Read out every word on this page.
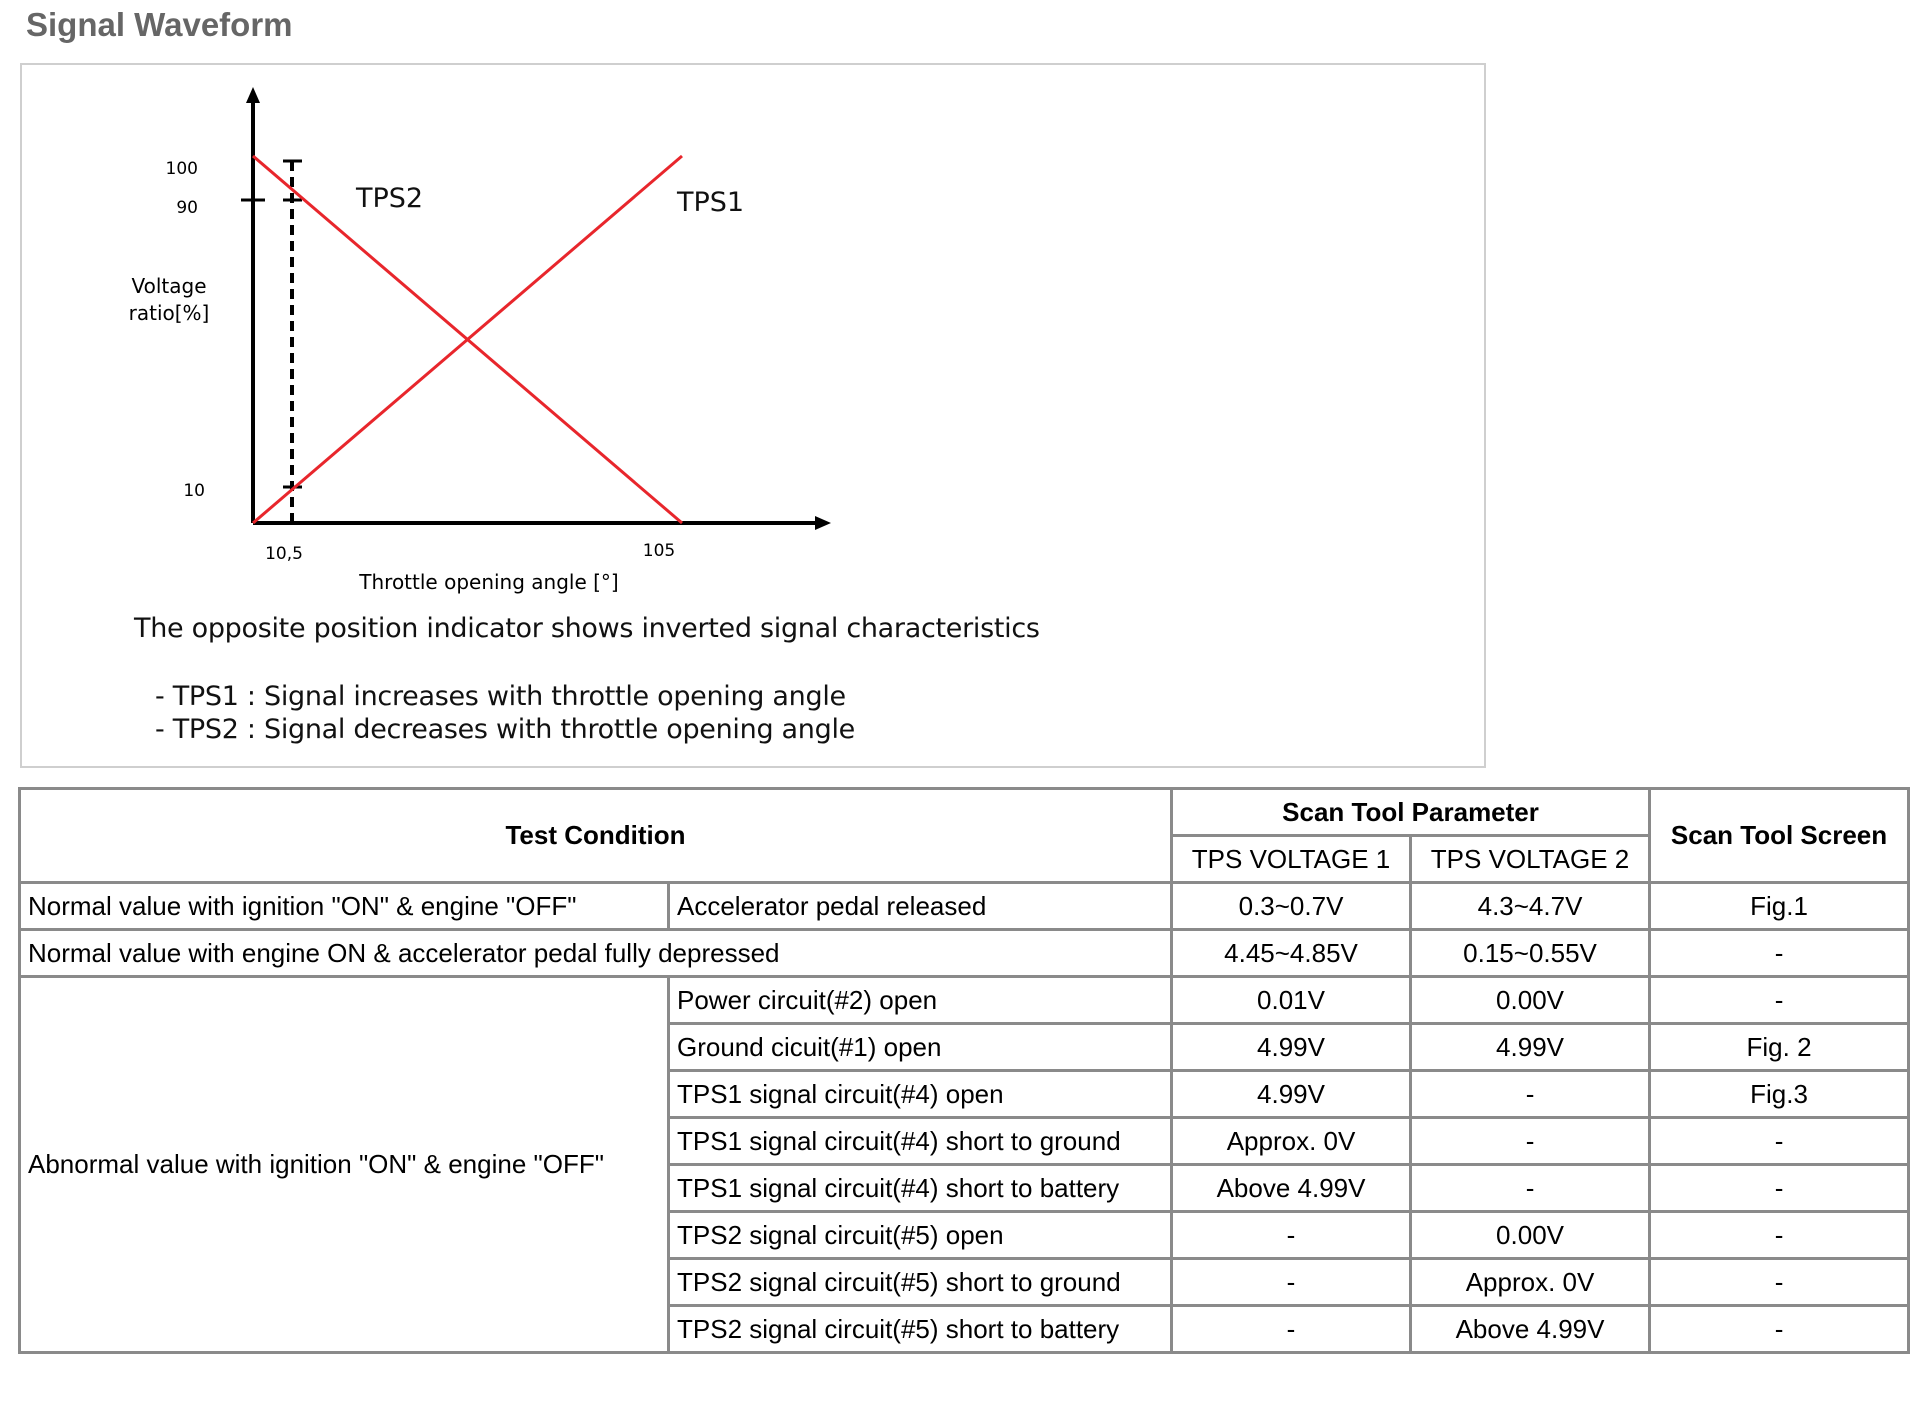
Signal Waveform
TPS2	TPS1
100
90
10
Voltage
ratio[%]
10,5	105
Throttle opening angle [°]
The opposite position indicator shows inverted signal characteristics
- TPS1 : Signal increases with throttle opening angle
- TPS2 : Signal decreases with throttle opening angle
Test Condition		Scan Tool Parameter		Scan Tool Screen
		TPS VOLTAGE 1	TPS VOLTAGE 2	
Normal value with ignition "ON" & engine "OFF"	Accelerator pedal released	0.3~0.7V	4.3~4.7V	Fig.1
Normal value with engine ON & accelerator pedal fully depressed		4.45~4.85V	0.15~0.55V	-
Abnormal value with ignition "ON" & engine "OFF"	Power circuit(#2) open	0.01V	0.00V	-
	Ground cicuit(#1) open	4.99V	4.99V	Fig. 2
	TPS1 signal circuit(#4) open	4.99V	-	Fig.3
	TPS1 signal circuit(#4) short to ground	Approx. 0V	-	-
	TPS1 signal circuit(#4) short to battery	Above 4.99V	-	-
	TPS2 signal circuit(#5) open	-	0.00V	-
	TPS2 signal circuit(#5) short to ground	-	Approx. 0V	-
	TPS2 signal circuit(#5) short to battery	-	Above 4.99V	-
